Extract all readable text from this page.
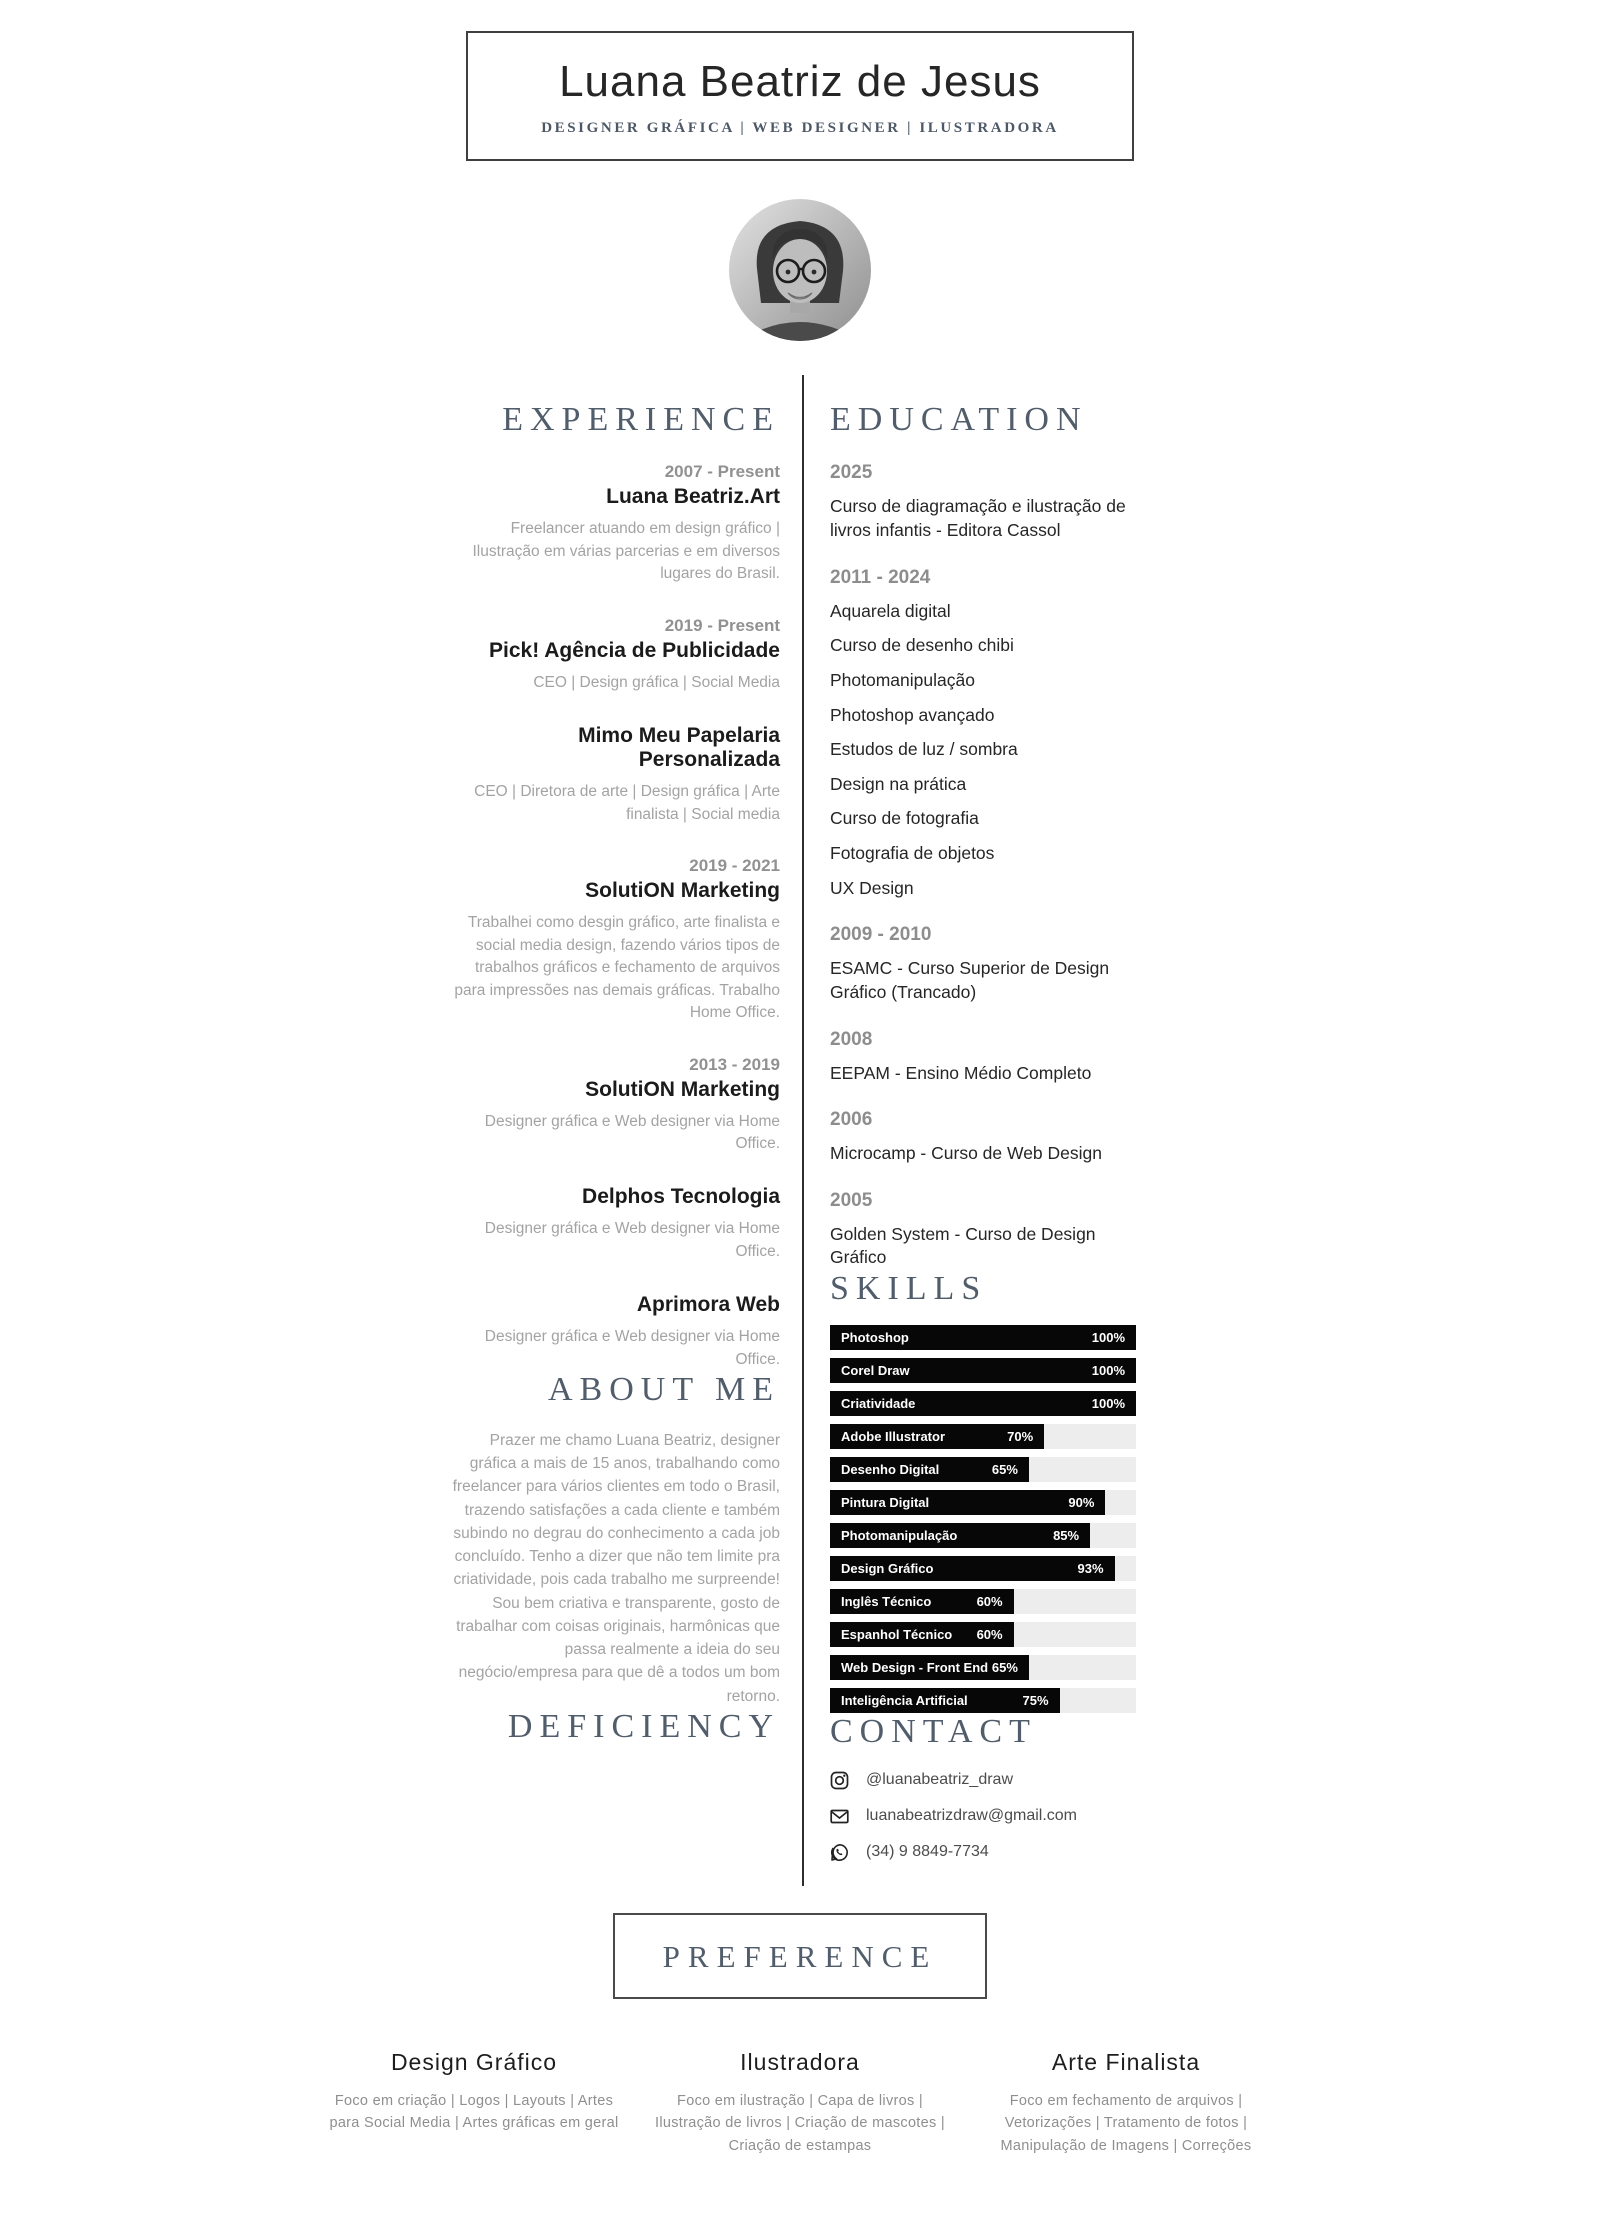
Luana Beatriz de Jesus
DESIGNER GRÁFICA | WEB DESIGNER | ILUSTRADORA
EXPERIENCE
2007 - Present
Luana Beatriz.Art
Freelancer atuando em design gráfico | Ilustração em várias parcerias e em diversos lugares do Brasil.
2019 - Present
Pick! Agência de Publicidade
CEO | Design gráfica | Social Media
Mimo Meu Papelaria Personalizada
CEO | Diretora de arte | Design gráfica | Arte finalista | Social media
2019 - 2021
SolutiON Marketing
Trabalhei como desgin gráfico, arte finalista e social media design, fazendo vários tipos de trabalhos gráficos e fechamento de arquivos para impressões nas demais gráficas. Trabalho Home Office.
2013 - 2019
SolutiON Marketing
Designer gráfica e Web designer via Home Office.
Delphos Tecnologia
Designer gráfica e Web designer via Home Office.
Aprimora Web
Designer gráfica e Web designer via Home Office.
ABOUT ME
Prazer me chamo Luana Beatriz, designer gráfica a mais de 15 anos, trabalhando como freelancer para vários clientes em todo o Brasil, trazendo satisfações a cada cliente e também subindo no degrau do conhecimento a cada job concluído. Tenho a dizer que não tem limite pra criatividade, pois cada trabalho me surpreende! Sou bem criativa e transparente, gosto de trabalhar com coisas originais, harmônicas que passa realmente a ideia do seu negócio/empresa para que dê a todos um bom retorno.
DEFICIENCY
EDUCATION
2025
Curso de diagramação e ilustração de livros infantis - Editora Cassol
2011 - 2024
Aquarela digital
Curso de desenho chibi
Photomanipulação
Photoshop avançado
Estudos de luz / sombra
Design na prática
Curso de fotografia
Fotografia de objetos
UX Design
2009 - 2010
ESAMC - Curso Superior de Design Gráfico (Trancado)
2008
EEPAM - Ensino Médio Completo
2006
Microcamp - Curso de Web Design
2005
Golden System - Curso de Design Gráfico
SKILLS
Photoshop	100 %
Corel Draw	100 %
Criatividade	100 %
Adobe Illustrator	70 %
Desenho Digital	65 %
Pintura Digital	90 %
Photomanipulação	85 %
Design Gráfico	93 %
Inglês Técnico	60 %
Espanhol Técnico 60 %
Web Design - Front End 65 %
Inteligência Artificial	75 %
CONTACT
@luanabeatriz_draw
luanabeatrizdraw@gmail.com
(34) 9 8849-7734
PREFERENCE
Design Gráfico
Foco em criação | Logos | Layouts | Artes para Social Media | Artes gráficas em geral
Ilustradora
Foco em ilustração | Capa de livros | Ilustração de livros | Criação de mascotes | Criação de estampas
Arte Finalista
Foco em fechamento de arquivos | Vetorizações | Tratamento de fotos | Manipulação de Imagens | Correções
